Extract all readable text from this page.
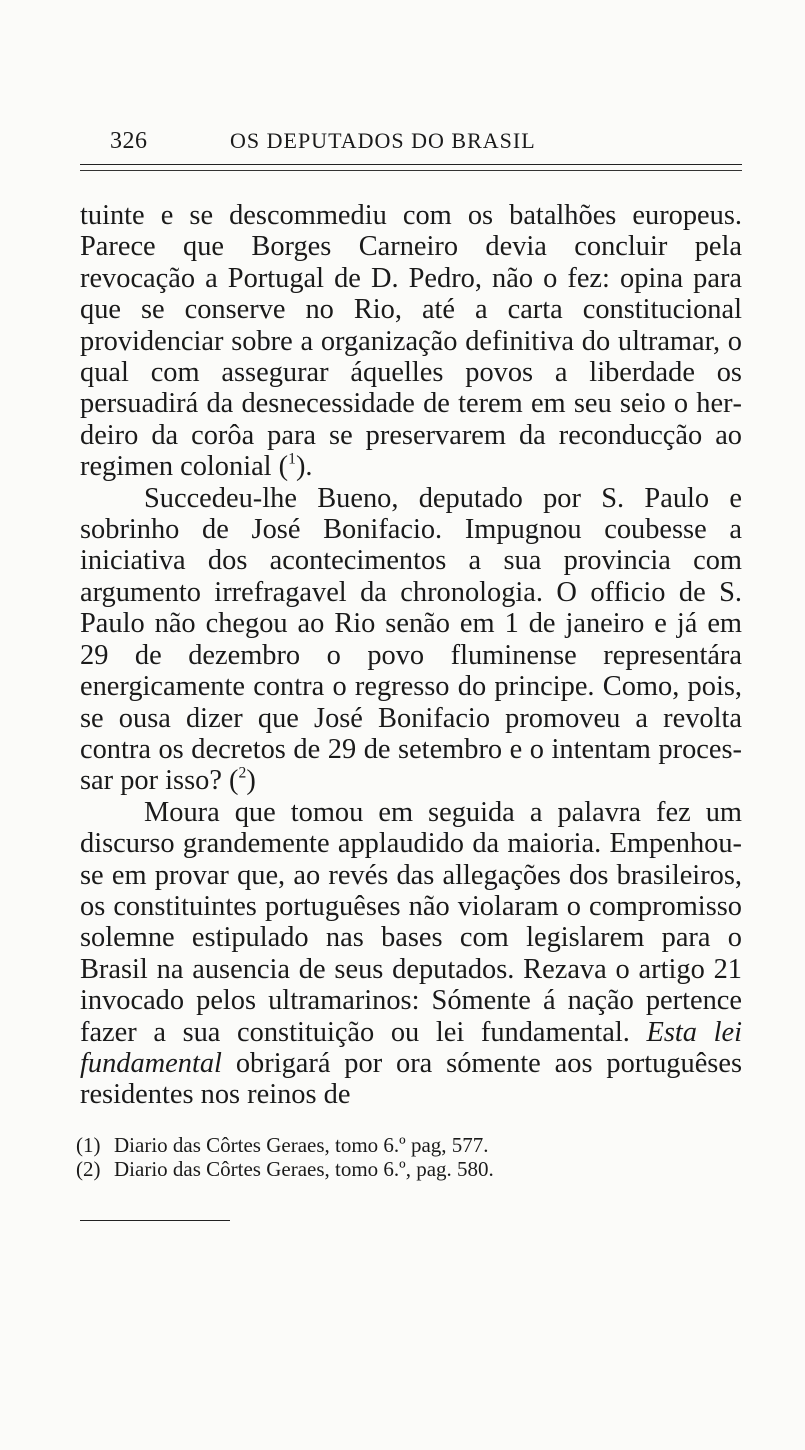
326	OS DEPUTADOS DO BRASIL

tuinte e se descommediu com os batalhões europeus. Parece que Borges Carneiro devia concluir pela revocação a Portugal de D. Pedro, não o fez: opina para que se conserve no Rio, até a carta constitucional providenciar sobre a organização definitiva do ultramar, o qual com assegurar áquelles povos a liberdade os persuadirá da desnecessidade de terem em seu seio o herdeiro da corôa para se preservarem da reconducção ao regimen colonial ($^1$).

Succedeu-lhe Bueno, deputado por S. Paulo e sobrinho de José Bonifacio. Impugnou coubesse a iniciativa dos acontecimentos a sua provincia com argumento irrefragavel da chronologia. O officio de S. Paulo não chegou ao Rio senão em 1 de janeiro e já em 29 de dezembro o povo fluminense representára energicamente contra o regresso do principe. Como, pois, se ousa dizer que José Bonifacio promoveu a revolta contra os decretos de 29 de setembro e o intentam processar por isso? ($^2$)

Moura que tomou em seguida a palavra fez um discurso grandemente applaudido da maioria. Empenhou-se em provar que, ao revés das allegações dos brasileiros, os constituintes portuguêses não violaram o compromisso solemne estipulado nas bases com legislarem para o Brasil na ausencia de seus deputados. Rezava o artigo 21 invocado pelos ultramarinos: Sómente á nação pertence fazer a sua constituição ou lei fundamental. Esta lei fundamental obrigará por ora sómente aos portuguêses residentes nos reinos de

(1) Diario das Côrtes Geraes, tomo 6.º pag, 577.
(2) Diario das Côrtes Geraes, tomo 6.º, pag. 580.
